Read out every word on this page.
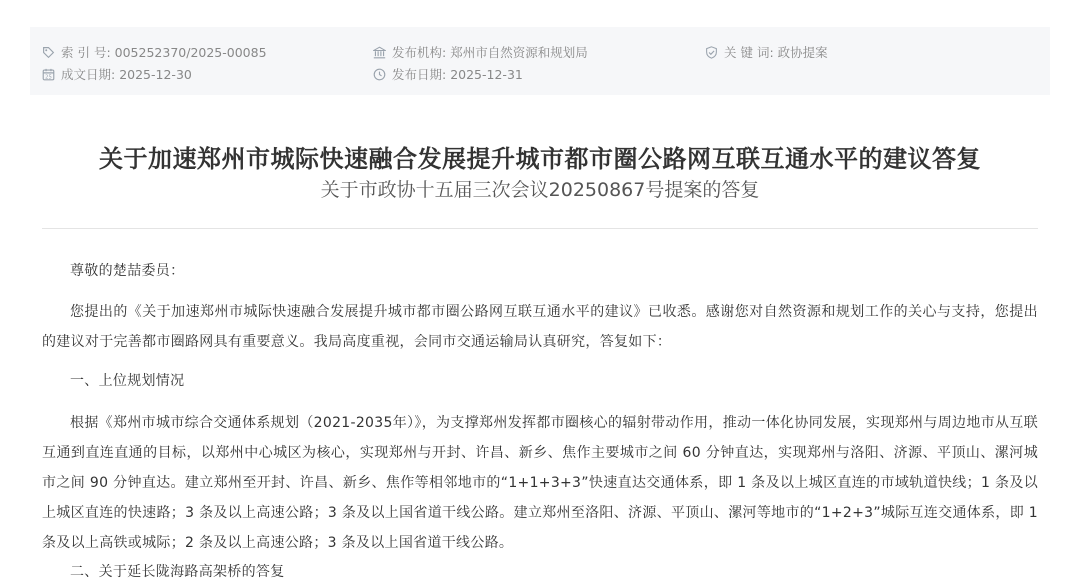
索 引 号:
005252370/2025-00085
25 成文日期:
2025-12-30
发布机构:
郑州市自然资源和规划局
发布日期:
2025-12-31
关 键 词:
政协提案
关于加速郑州市城际快速融合发展提升城市都市圈公路网互联互通水平的建议答复
关于市政协十五届三次会议20250867号提案的答复
尊敬的楚喆委员：
您提出的《关于加速郑州市城际快速融合发展提升城市都市圈公路网互联互通水平的建议》已收悉。感谢您对自然资源和规划工作的关心与支持，您提出的建议对于完善都市圈路网具有重要意义。我局高度重视，会同市交通运输局认真研究，答复如下：
一、上位规划情况
根据《郑州市城市综合交通体系规划（2021-2035年）》，为支撑郑州发挥都市圈核心的辐射带动作用，推动一体化协同发展，实现郑州与周边地市从互联互通到直连直通的目标，以郑州中心城区为核心，实现郑州与开封、许昌、新乡、焦作主要城市之间 60 分钟直达，实现郑州与洛阳、济源、平顶山、漯河城市之间 90 分钟直达。建立郑州至开封、许昌、新乡、焦作等相邻地市的“1+1+3+3”快速直达交通体系，即 1 条及以上城区直连的市域轨道快线；1 条及以上城区直连的快速路；3 条及以上高速公路；3 条及以上国省道干线公路。建立郑州至洛阳、济源、平顶山、漯河等地市的“1+2+3”城际互连交通体系，即 1 条及以上高铁或城际；2 条及以上高速公路；3 条及以上国省道干线公路。
二、关于延长陇海路高架桥的答复
